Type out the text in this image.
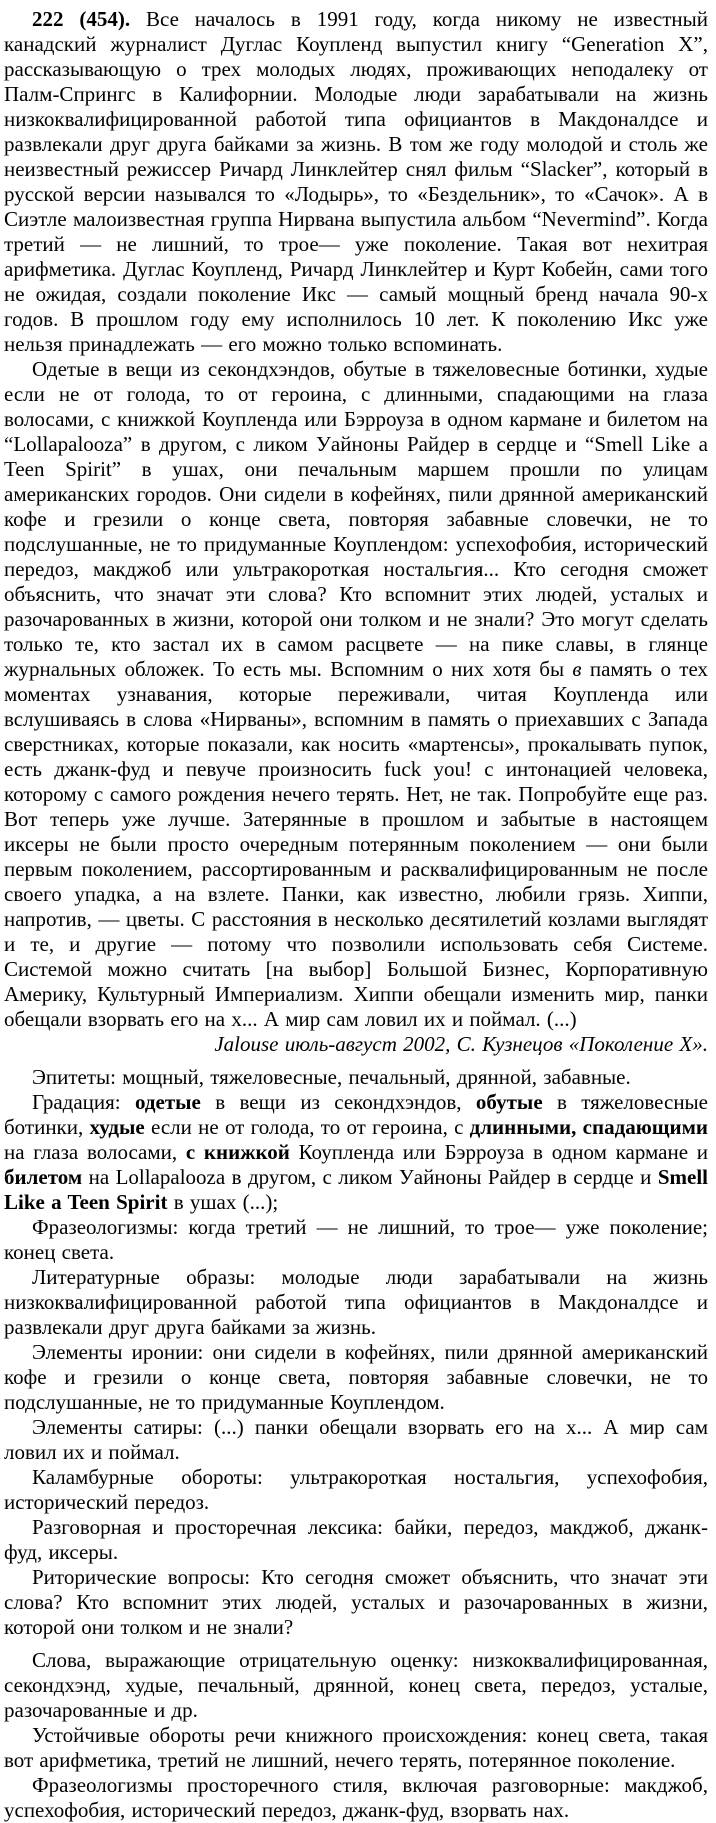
222 (454). Все началось в 1991 году, когда никому не известный канадский журналист Дуглас Коупленд выпустил книгу “Generation X”, рассказывающую о трех молодых людях, проживающих неподалеку от Палм-Спрингс в Калифорнии. Молодые люди зарабатывали на жизнь низкоквалифицированной работой типа официантов в Макдоналдсе и развлекали друг друга байками за жизнь. В том же году молодой и столь же неизвестный режиссер Ричард Линклейтер снял фильм “Slacker”, который в русской версии назывался то «Лодырь», то «Бездельник», то «Сачок». А в Сиэтле малоизвестная группа Нирвана выпустила альбом “Nevermind”. Когда третий — не лишний, то трое— уже поколение. Такая вот нехитрая арифметика. Дуглас Коупленд, Ричард Линклейтер и Курт Кобейн, сами того не ожидая, создали поколение Икс — самый мощный бренд начала 90-х годов. В прошлом году ему исполнилось 10 лет. К поколению Икс уже нельзя принадлежать — его можно только вспоминать.

Одетые в вещи из секондхэндов, обутые в тяжеловесные ботинки, худые если не от голода, то от героина, с длинными, спадающими на глаза волосами, с книжкой Коупленда или Бэрроуза в одном кармане и билетом на “Lollapalooza” в другом, с ликом Уайноны Райдер в сердце и “Smell Like a Teen Spirit” в ушах, они печальным маршем прошли по улицам американских городов. Они сидели в кофейнях, пили дрянной американский кофе и грезили о конце света, повторяя забавные словечки, не то подслушанные, не то придуманные Коуплендом: успехофобия, исторический передоз, макджоб или ультракороткая ностальгия... Кто сегодня сможет объяснить, что значат эти слова? Кто вспомнит этих людей, усталых и разочарованных в жизни, которой они толком и не знали? Это могут сделать только те, кто застал их в самом расцвете — на пике славы, в глянце журнальных обложек. То есть мы. Вспомним о них хотя бы в память о тех моментах узнавания, которые переживали, читая Коупленда или вслушиваясь в слова «Нирваны», вспомним в память о приехавших с Запада сверстниках, которые показали, как носить «мартенсы», прокалывать пупок, есть джанк-фуд и певуче произносить fuck you! с интонацией человека, которому с самого рождения нечего терять. Нет, не так. Попробуйте еще раз. Вот теперь уже лучше. Затерянные в прошлом и забытые в настоящем иксеры не были просто очередным потерянным поколением — они были первым поколением, рассортированным и расквалифицированным не после своего упадка, а на взлете. Панки, как известно, любили грязь. Хиппи, напротив, — цветы. С расстояния в несколько десятилетий козлами выглядят и те, и другие — потому что позволили использовать себя Системе. Системой можно считать [на выбор] Большой Бизнес, Корпоративную Америку, Культурный Империализм. Хиппи обещали изменить мир, панки обещали взорвать его на х... А мир сам ловил их и поймал. (...)

Jalouse июль-август 2002, С. Кузнецов «Поколение Х».

Эпитеты: мощный, тяжеловесные, печальный, дрянной, забавные.

Градация: одетые в вещи из секондхэндов, обутые в тяжеловесные ботинки, худые если не от голода, то от героина, с длинными, спадающими на глаза волосами, с книжкой Коупленда или Бэрроуза в одном кармане и билетом на Lollapalooza в другом, с ликом Уайноны Райдер в сердце и Smell Like a Teen Spirit в ушах (...);

Фразеологизмы: когда третий — не лишний, то трое— уже поколение; конец света.

Литературные образы: молодые люди зарабатывали на жизнь низкоквалифицированной работой типа официантов в Макдоналдсе и развлекали друг друга байками за жизнь.

Элементы иронии: они сидели в кофейнях, пили дрянной американский кофе и грезили о конце света, повторяя забавные словечки, не то подслушанные, не то придуманные Коуплендом.

Элементы сатиры: (...) панки обещали взорвать его на х... А мир сам ловил их и поймал.

Каламбурные обороты: ультракороткая ностальгия, успехофобия, исторический передоз.

Разговорная и просторечная лексика: байки, передоз, макджоб, джанк-фуд, иксеры.

Риторические вопросы: Кто сегодня сможет объяснить, что значат эти слова? Кто вспомнит этих людей, усталых и разочарованных в жизни, которой они толком и не знали?

Слова, выражающие отрицательную оценку: низкоквалифицированная, секондхэнд, худые, печальный, дрянной, конец света, передоз, усталые, разочарованные и др.

Устойчивые обороты речи книжного происхождения: конец света, такая вот арифметика, третий не лишний, нечего терять, потерянное поколение.

Фразеологизмы просторечного стиля, включая разговорные: макджоб, успехофобия, исторический передоз, джанк-фуд, взорвать нах.
